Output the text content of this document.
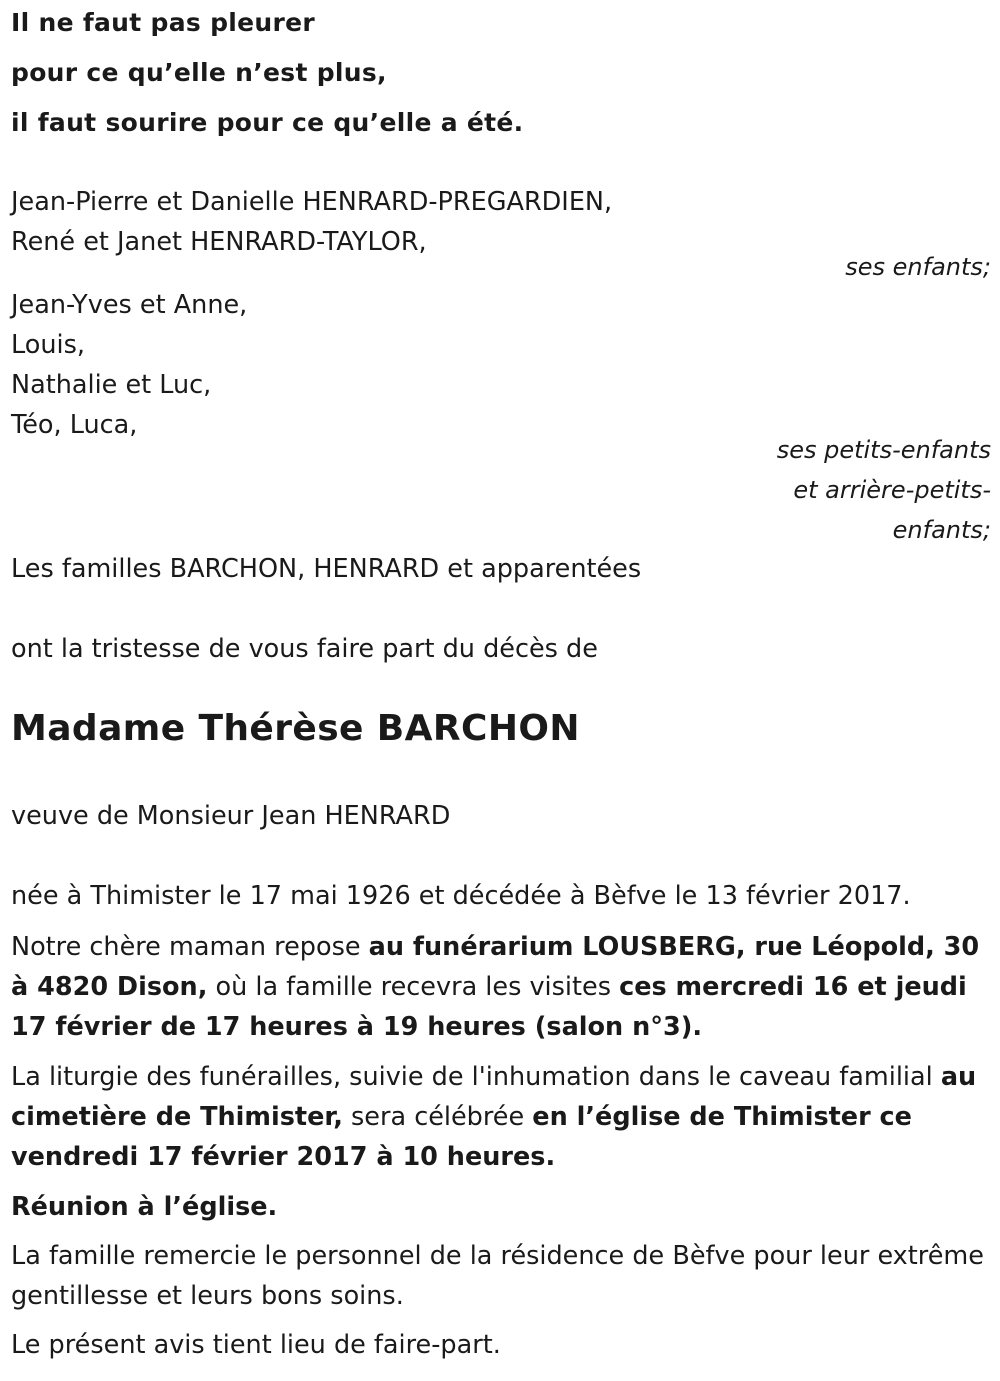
Il ne faut pas pleurer

pour ce qu’elle n’est plus,

il faut sourire pour ce qu’elle a été.

Jean-Pierre et Danielle HENRARD-PREGARDIEN,

René et Janet HENRARD-TAYLOR,

ses enfants;

Jean-Yves et Anne,

Louis,

Nathalie et Luc,

Téo, Luca,

ses petits-enfants

et arrière-petits-

enfants;

Les familles BARCHON, HENRARD et apparentées

ont la tristesse de vous faire part du décès de

Madame Thérèse BARCHON

veuve de Monsieur Jean HENRARD

née à Thimister le 17 mai 1926 et décédée à Bèfve le 13 février 2017.

Notre chère maman repose au funérarium LOUSBERG, rue Léopold, 30 à 4820 Dison, où la famille recevra les visites ces mercredi 16 et jeudi 17 février de 17 heures à 19 heures (salon n°3).

La liturgie des funérailles, suivie de l'inhumation dans le caveau familial au cimetière de Thimister, sera célébrée en l’église de Thimister ce vendredi 17 février 2017 à 10 heures.

Réunion à l’église.

La famille remercie le personnel de la résidence de Bèfve pour leur extrême gentillesse et leurs bons soins.

Le présent avis tient lieu de faire-part.
